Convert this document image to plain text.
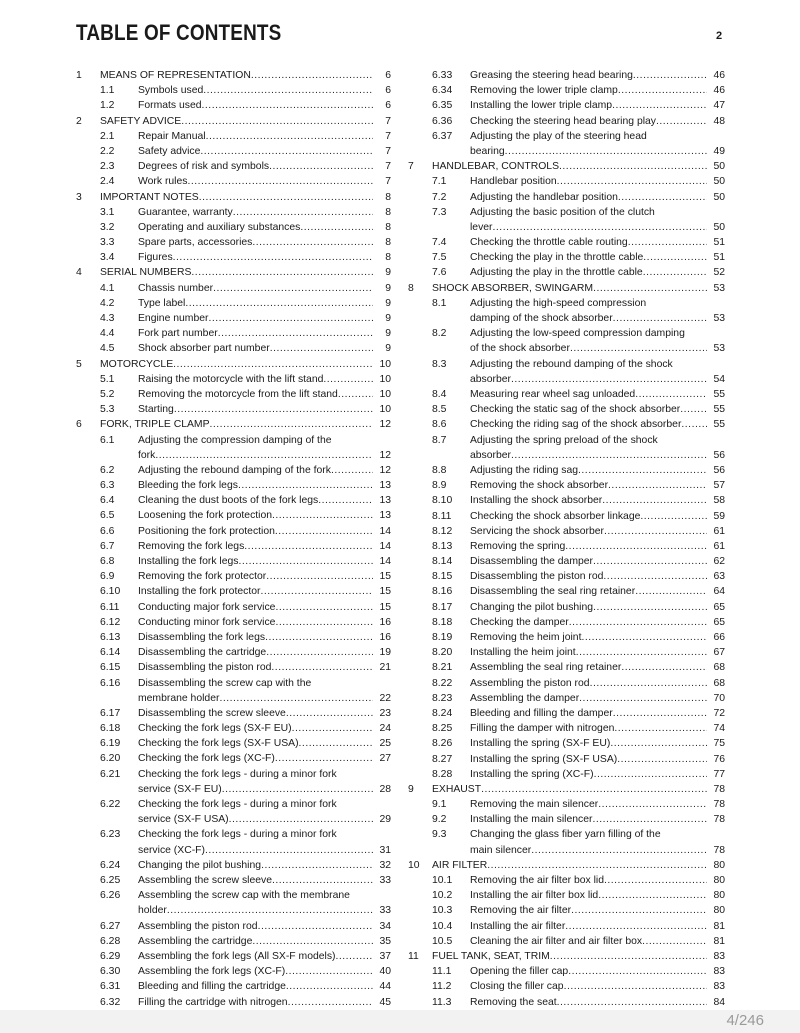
TABLE OF CONTENTS	2
1 MEANS OF REPRESENTATION .....	6
1.1 Symbols used .....	6
1.2 Formats used .....	6
2 SAFETY ADVICE .....	7
2.1 Repair Manual .....	7
2.2 Safety advice .....	7
2.3 Degrees of risk and symbols .....	7
2.4 Work rules .....	7
3 IMPORTANT NOTES .....	8
3.1 Guarantee, warranty .....	8
3.2 Operating and auxiliary substances .....	8
3.3 Spare parts, accessories .....	8
3.4 Figures .....	8
4 SERIAL NUMBERS .....	9
4.1 Chassis number .....	9
4.2 Type label .....	9
4.3 Engine number .....	9
4.4 Fork part number .....	9
4.5 Shock absorber part number .....	9
5 MOTORCYCLE .....	10
5.1 Raising the motorcycle with the lift stand .....	10
5.2 Removing the motorcycle from the lift stand .....	10
5.3 Starting .....	10
6 FORK, TRIPLE CLAMP .....	12
6.1 Adjusting the compression damping of the
fork .....	12
6.2 Adjusting the rebound damping of the fork .....	12
6.3 Bleeding the fork legs .....	13
6.4 Cleaning the dust boots of the fork legs .....	13
6.5 Loosening the fork protection .....	13
6.6 Positioning the fork protection .....	14
6.7 Removing the fork legs .....	14
6.8 Installing the fork legs .....	14
6.9 Removing the fork protector .....	15
6.10 Installing the fork protector .....	15
6.11 Conducting major fork service .....	15
6.12 Conducting minor fork service .....	16
6.13 Disassembling the fork legs .....	16
6.14 Disassembling the cartridge .....	19
6.15 Disassembling the piston rod .....	21
6.16 Disassembling the screw cap with the
membrane holder .....	22
6.17 Disassembling the screw sleeve .....	23
6.18 Checking the fork legs (SX-F EU) .....	24
6.19 Checking the fork legs (SX-F USA) .....	25
6.20 Checking the fork legs (XC-F) .....	27
6.21 Checking the fork legs - during a minor fork
service (SX-F EU) .....	28
6.22 Checking the fork legs - during a minor fork
service (SX-F USA) .....	29
6.23 Checking the fork legs - during a minor fork
service (XC-F) .....	31
6.24 Changing the pilot bushing .....	32
6.25 Assembling the screw sleeve .....	33
6.26 Assembling the screw cap with the membrane
holder .....	33
6.27 Assembling the piston rod .....	34
6.28 Assembling the cartridge .....	35
6.29 Assembling the fork legs (All SX-F models) .....	37
6.30 Assembling the fork legs (XC-F) .....	40
6.31 Bleeding and filling the cartridge .....	44
6.32 Filling the cartridge with nitrogen .....	45
6.33 Greasing the steering head bearing .....	46
6.34 Removing the lower triple clamp .....	46
6.35 Installing the lower triple clamp .....	47
6.36 Checking the steering head bearing play .....	48
6.37 Adjusting the play of the steering head
bearing .....	49
7 HANDLEBAR, CONTROLS .....	50
7.1 Handlebar position .....	50
7.2 Adjusting the handlebar position .....	50
7.3 Adjusting the basic position of the clutch
lever .....	50
7.4 Checking the throttle cable routing .....	51
7.5 Checking the play in the throttle cable .....	51
7.6 Adjusting the play in the throttle cable .....	52
8 SHOCK ABSORBER, SWINGARM .....	53
8.1 Adjusting the high-speed compression
damping of the shock absorber .....	53
8.2 Adjusting the low-speed compression damping
of the shock absorber .....	53
8.3 Adjusting the rebound damping of the shock
absorber .....	54
8.4 Measuring rear wheel sag unloaded .....	55
8.5 Checking the static sag of the shock absorber .....	55
8.6 Checking the riding sag of the shock absorber .....	55
8.7 Adjusting the spring preload of the shock
absorber .....	56
8.8 Adjusting the riding sag .....	56
8.9 Removing the shock absorber .....	57
8.10 Installing the shock absorber .....	58
8.11 Checking the shock absorber linkage .....	59
8.12 Servicing the shock absorber .....	61
8.13 Removing the spring .....	61
8.14 Disassembling the damper .....	62
8.15 Disassembling the piston rod .....	63
8.16 Disassembling the seal ring retainer .....	64
8.17 Changing the pilot bushing .....	65
8.18 Checking the damper .....	65
8.19 Removing the heim joint .....	66
8.20 Installing the heim joint .....	67
8.21 Assembling the seal ring retainer .....	68
8.22 Assembling the piston rod .....	68
8.23 Assembling the damper .....	70
8.24 Bleeding and filling the damper .....	72
8.25 Filling the damper with nitrogen .....	74
8.26 Installing the spring (SX-F EU) .....	75
8.27 Installing the spring (SX-F USA) .....	76
8.28 Installing the spring (XC-F) .....	77
9 EXHAUST .....	78
9.1 Removing the main silencer .....	78
9.2 Installing the main silencer .....	78
9.3 Changing the glass fiber yarn filling of the
main silencer .....	78
10 AIR FILTER .....	80
10.1 Removing the air filter box lid .....	80
10.2 Installing the air filter box lid .....	80
10.3 Removing the air filter .....	80
10.4 Installing the air filter .....	81
10.5 Cleaning the air filter and air filter box .....	81
11 FUEL TANK, SEAT, TRIM .....	83
11.1 Opening the filler cap .....	83
11.2 Closing the filler cap .....	83
11.3 Removing the seat .....	84
4/246
